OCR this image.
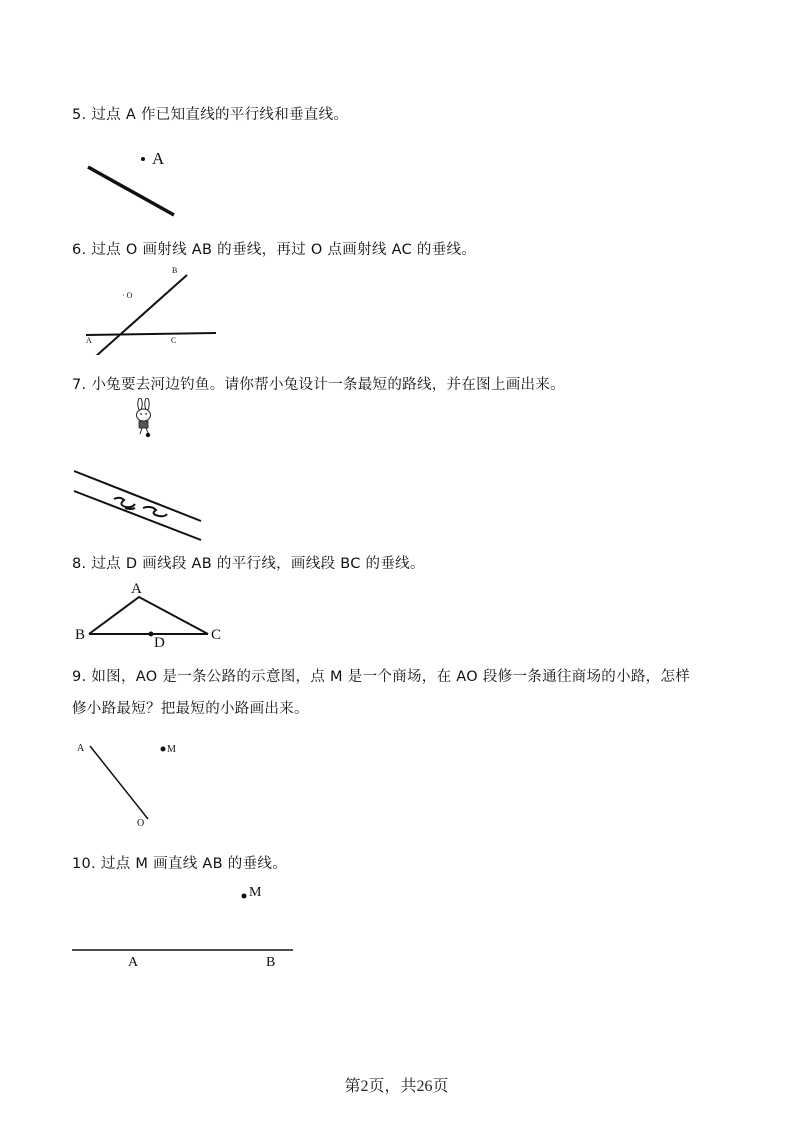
5. 过点 A 作已知直线的平行线和垂直线。
A
6. 过点 O 画射线 AB 的垂线，再过 O 点画射线 AC 的垂线。
B
· O
A	C
7. 小兔要去河边钓鱼。请你帮小兔设计一条最短的路线，并在图上画出来。
8. 过点 D 画线段 AB 的平行线，画线段 BC 的垂线。
A
B	C
D
9. 如图，AO 是一条公路的示意图，点 M 是一个商场，在 AO 段修一条通往商场的小路，怎样
修小路最短？把最短的小路画出来。
A	M
O
10. 过点 M 画直线 AB 的垂线。
M
A	B
第2页，共26页
